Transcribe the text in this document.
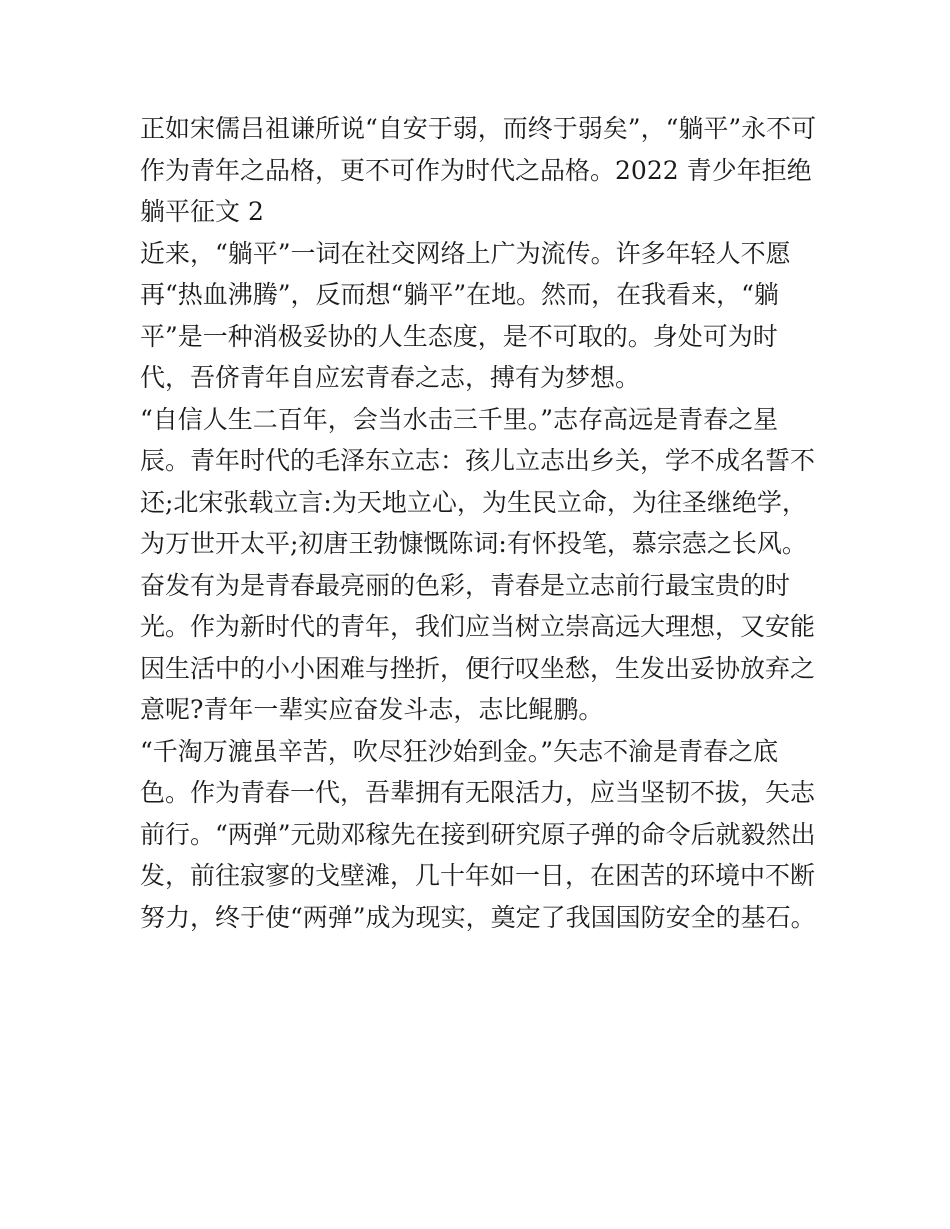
正如宋儒吕祖谦所说“自安于弱，而终于弱矣”，“躺平”永不可
作为青年之品格，更不可作为时代之品格。2022 青少年拒绝
躺平征文 2
近来，“躺平”一词在社交网络上广为流传。许多年轻人不愿
再“热血沸腾”，反而想“躺平”在地。然而，在我看来，“躺
平”是一种消极妥协的人生态度，是不可取的。身处可为时
代，吾侪青年自应宏青春之志，搏有为梦想。
“自信人生二百年，会当水击三千里。”志存高远是青春之星
辰。青年时代的毛泽东立志：孩儿立志出乡关，学不成名誓不
还;北宋张载立言:为天地立心，为生民立命，为往圣继绝学，
为万世开太平;初唐王勃慷慨陈词:有怀投笔，慕宗悫之长风。
奋发有为是青春最亮丽的色彩，青春是立志前行最宝贵的时
光。作为新时代的青年，我们应当树立崇高远大理想，又安能
因生活中的小小困难与挫折，便行叹坐愁，生发出妥协放弃之
意呢?青年一辈实应奋发斗志，志比鲲鹏。
“千淘万漉虽辛苦，吹尽狂沙始到金。”矢志不渝是青春之底
色。作为青春一代，吾辈拥有无限活力，应当坚韧不拔，矢志
前行。“两弹”元勋邓稼先在接到研究原子弹的命令后就毅然出
发，前往寂寥的戈壁滩，几十年如一日，在困苦的环境中不断
努力，终于使“两弹”成为现实，奠定了我国国防安全的基石。
